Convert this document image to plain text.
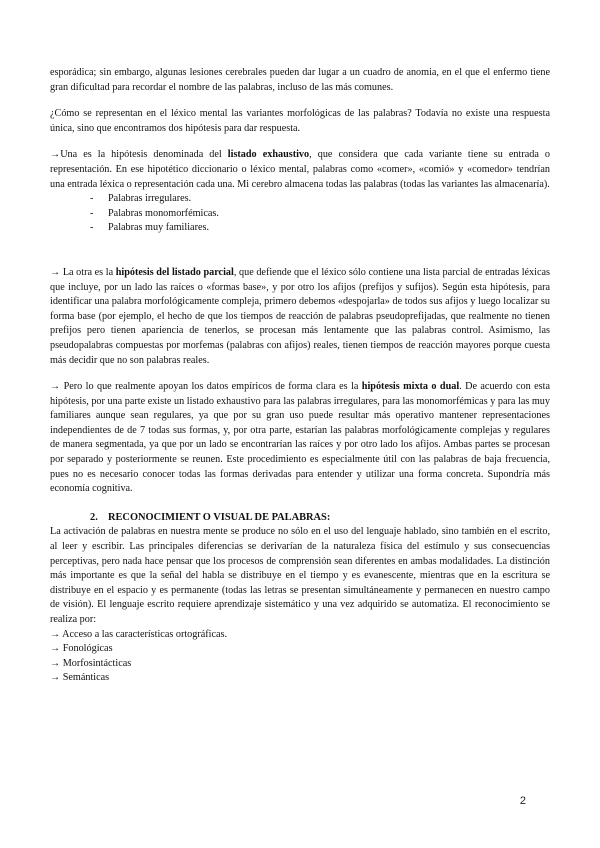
esporádica; sin embargo, algunas lesiones cerebrales pueden dar lugar a un cuadro de anomia, en el que el enfermo tiene gran dificultad para recordar el nombre de las palabras, incluso de las más comunes.

¿Cómo se representan en el léxico mental las variantes morfológicas de las palabras? Todavía no existe una respuesta única, sino que encontramos dos hipótesis para dar respuesta.

→Una es la hipótesis denominada del listado exhaustivo, que considera que cada variante tiene su entrada o representación. En ese hipotético diccionario o léxico mental, palabras como «comer», «comió» y «comedor» tendrían una entrada léxica o representación cada una. Mi cerebro almacena todas las palabras (todas las variantes las almacenaría).

- Palabras irregulares.
- Palabras monomorfémicas.
- Palabras muy familiares.

→ La otra es la hipótesis del listado parcial, que defiende que el léxico sólo contiene una lista parcial de entradas léxicas que incluye, por un lado las raíces o «formas base», y por otro los afijos (prefijos y sufijos). Según esta hipótesis, para identificar una palabra morfológicamente compleja, primero debemos «despojarla» de todos sus afijos y luego localizar su forma base (por ejemplo, el hecho de que los tiempos de reacción de palabras pseudoprefijadas, que realmente no tienen prefijos pero tienen apariencia de tenerlos, se procesan más lentamente que las palabras control. Asimismo, las pseudopalabras compuestas por morfemas (palabras con afijos) reales, tienen tiempos de reacción mayores porque cuesta más decidir que no son palabras reales.

→ Pero lo que realmente apoyan los datos empíricos de forma clara es la hipótesis mixta o dual. De acuerdo con esta hipótesis, por una parte existe un listado exhaustivo para las palabras irregulares, para las monomorfémicas y para las muy familiares aunque sean regulares, ya que por su gran uso puede resultar más operativo mantener representaciones independientes de de 7 todas sus formas, y, por otra parte, estarían las palabras morfológicamente complejas y regulares de manera segmentada, ya que por un lado se encontrarían las raíces y por otro lado los afijos. Ambas partes se procesan por separado y posteriormente se reunen. Este procedimiento es especialmente útil con las palabras de baja frecuencia, pues no es necesario conocer todas las formas derivadas para entender y utilizar una forma concreta. Supondría más economía cognitiva.

2. RECONOCIMIENT O VISUAL DE PALABRAS:

La activación de palabras en nuestra mente se produce no sólo en el uso del lenguaje hablado, sino también en el escrito, al leer y escribir. Las principales diferencias se derivarían de la naturaleza física del estímulo y sus consecuencias perceptivas, pero nada hace pensar que los procesos de comprensión sean diferentes en ambas modalidades. La distinción más importante es que la señal del habla se distribuye en el tiempo y es evanescente, mientras que en la escritura se distribuye en el espacio y es permanente (todas las letras se presentan simultáneamente y permanecen en nuestro campo de visión). El lenguaje escrito requiere aprendizaje sistemático y una vez adquirido se automatiza. El reconocimiento se realiza por:

→ Acceso a las características ortográficas.
→ Fonológicas
→ Morfosintácticas
→ Semánticas
2
